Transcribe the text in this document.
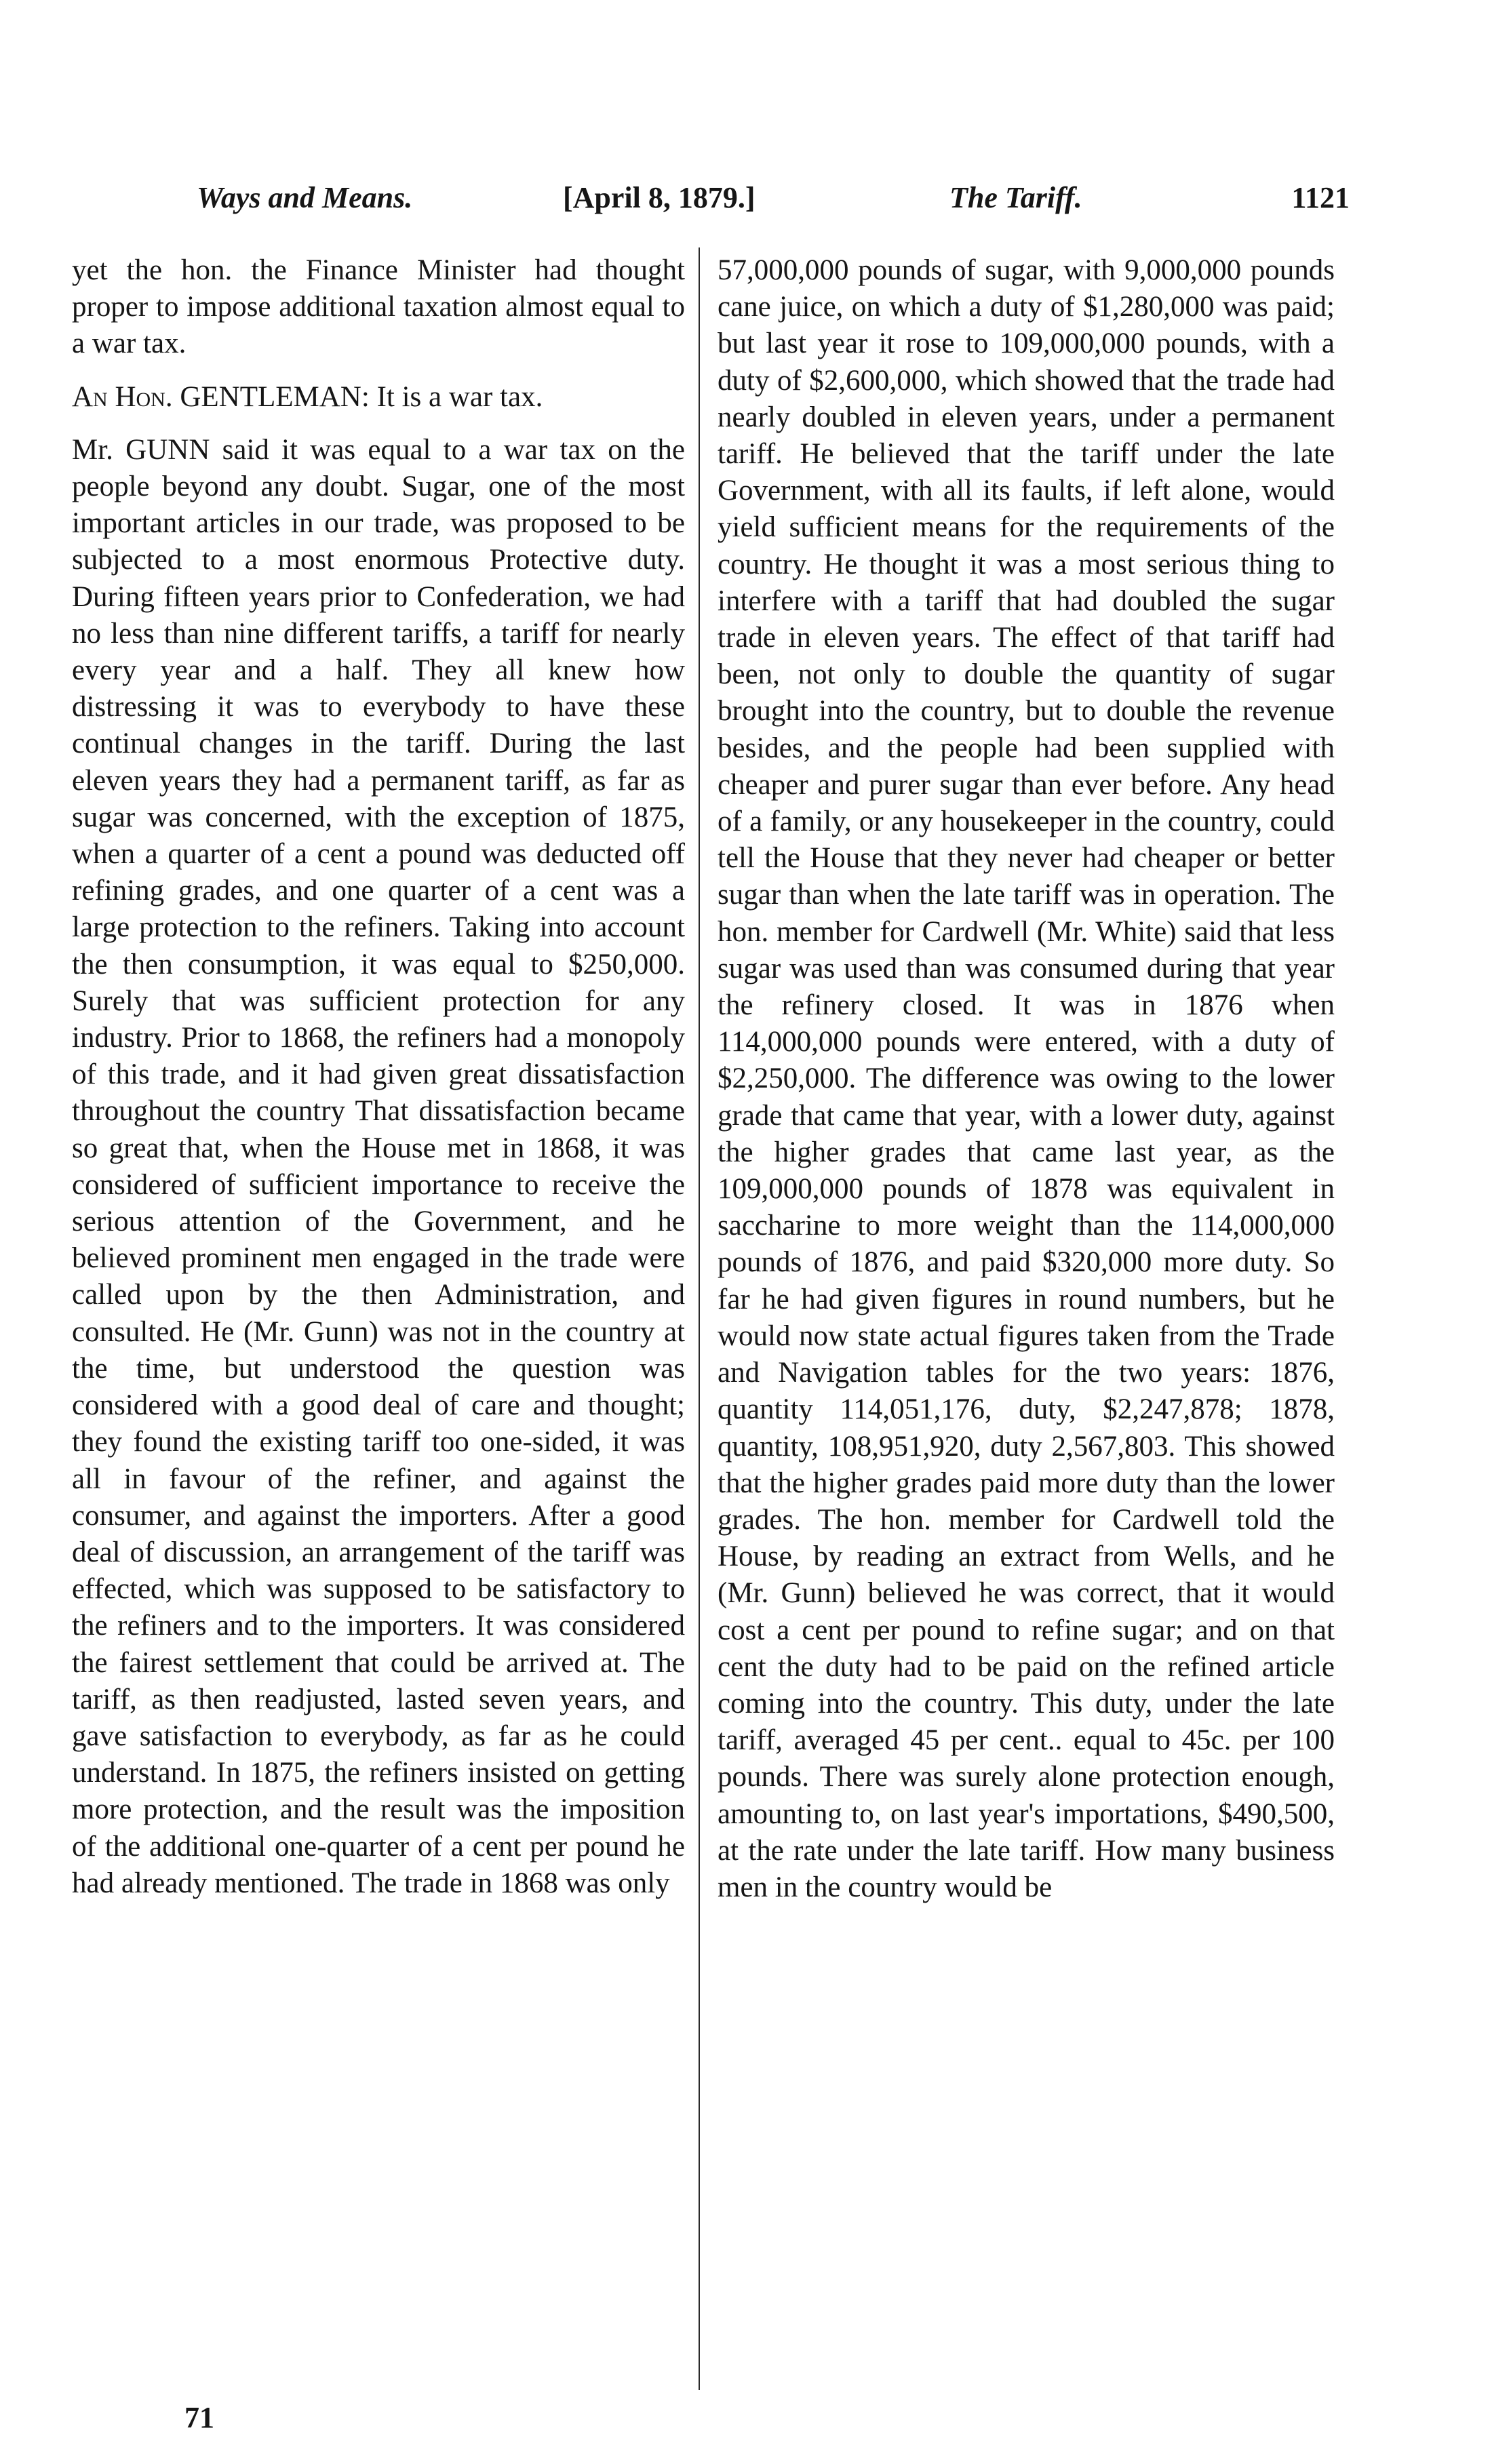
Ways and Means.	[April 8, 1879.]	The Tariff.	1121

yet the hon. the Finance Minister had thought proper to impose additional taxation almost equal to a war tax.

An Hon. GENTLEMAN: It is a war tax.

Mr. GUNN said it was equal to a war tax on the people beyond any doubt. Sugar, one of the most important articles in our trade, was proposed to be subjected to a most enormous Protective duty. During fifteen years prior to Confederation, we had no less than nine different tariffs, a tariff for nearly every year and a half. They all knew how distressing it was to everybody to have these continual changes in the tariff. During the last eleven years they had a permanent tariff, as far as sugar was concerned, with the exception of 1875, when a quarter of a cent a pound was deducted off refining grades, and one quarter of a cent was a large protection to the refiners. Taking into account the then consumption, it was equal to $250,000. Surely that was sufficient protection for any industry. Prior to 1868, the refiners had a monopoly of this trade, and it had given great dissatisfaction throughout the country That dissatisfaction became so great that, when the House met in 1868, it was considered of sufficient importance to receive the serious attention of the Government, and he believed prominent men engaged in the trade were called upon by the then Administration, and consulted. He (Mr. Gunn) was not in the country at the time, but understood the question was considered with a good deal of care and thought; they found the existing tariff too one-sided, it was all in favour of the refiner, and against the consumer, and against the importers. After a good deal of discussion, an arrangement of the tariff was effected, which was supposed to be satisfactory to the refiners and to the importers. It was considered the fairest settlement that could be arrived at. The tariff, as then readjusted, lasted seven years, and gave satisfaction to everybody, as far as he could understand. In 1875, the refiners insisted on getting more protection, and the result was the imposition of the additional one-quarter of a cent per pound he had already mentioned. The trade in 1868 was only

57,000,000 pounds of sugar, with 9,000,000 pounds cane juice, on which a duty of $1,280,000 was paid; but last year it rose to 109,000,000 pounds, with a duty of $2,600,000, which showed that the trade had nearly doubled in eleven years, under a permanent tariff. He believed that the tariff under the late Government, with all its faults, if left alone, would yield sufficient means for the requirements of the country. He thought it was a most serious thing to interfere with a tariff that had doubled the sugar trade in eleven years. The effect of that tariff had been, not only to double the quantity of sugar brought into the country, but to double the revenue besides, and the people had been supplied with cheaper and purer sugar than ever before. Any head of a family, or any housekeeper in the country, could tell the House that they never had cheaper or better sugar than when the late tariff was in operation. The hon. member for Cardwell (Mr. White) said that less sugar was used than was consumed during that year the refinery closed. It was in 1876 when 114,000,000 pounds were entered, with a duty of $2,250,000. The difference was owing to the lower grade that came that year, with a lower duty, against the higher grades that came last year, as the 109,000,000 pounds of 1878 was equivalent in saccharine to more weight than the 114,000,000 pounds of 1876, and paid $320,000 more duty. So far he had given figures in round numbers, but he would now state actual figures taken from the Trade and Navigation tables for the two years: 1876, quantity 114,051,176, duty, $2,247,878; 1878, quantity, 108,951,920, duty 2,567,803. This showed that the higher grades paid more duty than the lower grades. The hon. member for Cardwell told the House, by reading an extract from Wells, and he (Mr. Gunn) believed he was correct, that it would cost a cent per pound to refine sugar; and on that cent the duty had to be paid on the refined article coming into the country. This duty, under the late tariff, averaged 45 per cent.. equal to 45c. per 100 pounds. There was surely alone protection enough, amounting to, on last year's importations, $490,500, at the rate under the late tariff. How many business men in the country would be

71
